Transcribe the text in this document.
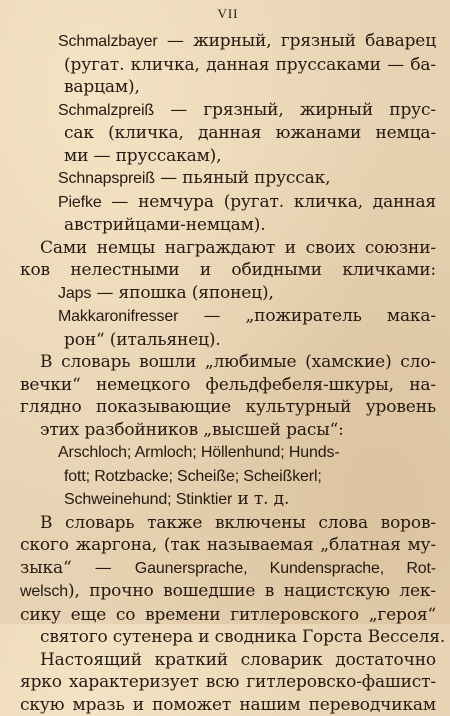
VII
Schmalzbayer — жирный, грязный баварец
(ругат. кличка, данная пруссаками — ба-
варцам),
Schmalzpreiß — грязный, жирный прус-
сак (кличка, данная южанами немца-
ми — пруссакам),
Schnapspreiß — пьяный пруссак,
Piefke — немчура (ругат. кличка, данная
австрийцами-немцам).
Сами немцы награждают и своих союзни-
ков нелестными и обидными кличками:
Japs — япошка (японец),
Makkaronifresser — „пожиратель мака-
рон“ (итальянец).
В словарь вошли „любимые (хамские) сло-
вечки“ немецкого фельдфебеля-шкуры, на-
глядно показывающие культурный уровень
этих разбойников „высшей расы“:
Arschloch; Armloch; Höllenhund; Hunds-
fott; Rotzbacke; Scheiße; Scheißkerl;
Schweinehund; Stinktier и т. д.
В словарь также включены слова воров-
ского жаргона, (так называемая „блатная му-
зыка“ — Gaunersprache, Kundensprache, Rot-
welsch), прочно вошедшие в нацистскую лек-
сику еще со времени гитлеровского „героя“
святого сутенера и сводника Горста Весселя.
Настоящий краткий словарик достаточно
ярко характеризует всю гитлеровско-фашист-
скую мразь и поможет нашим переводчикам
